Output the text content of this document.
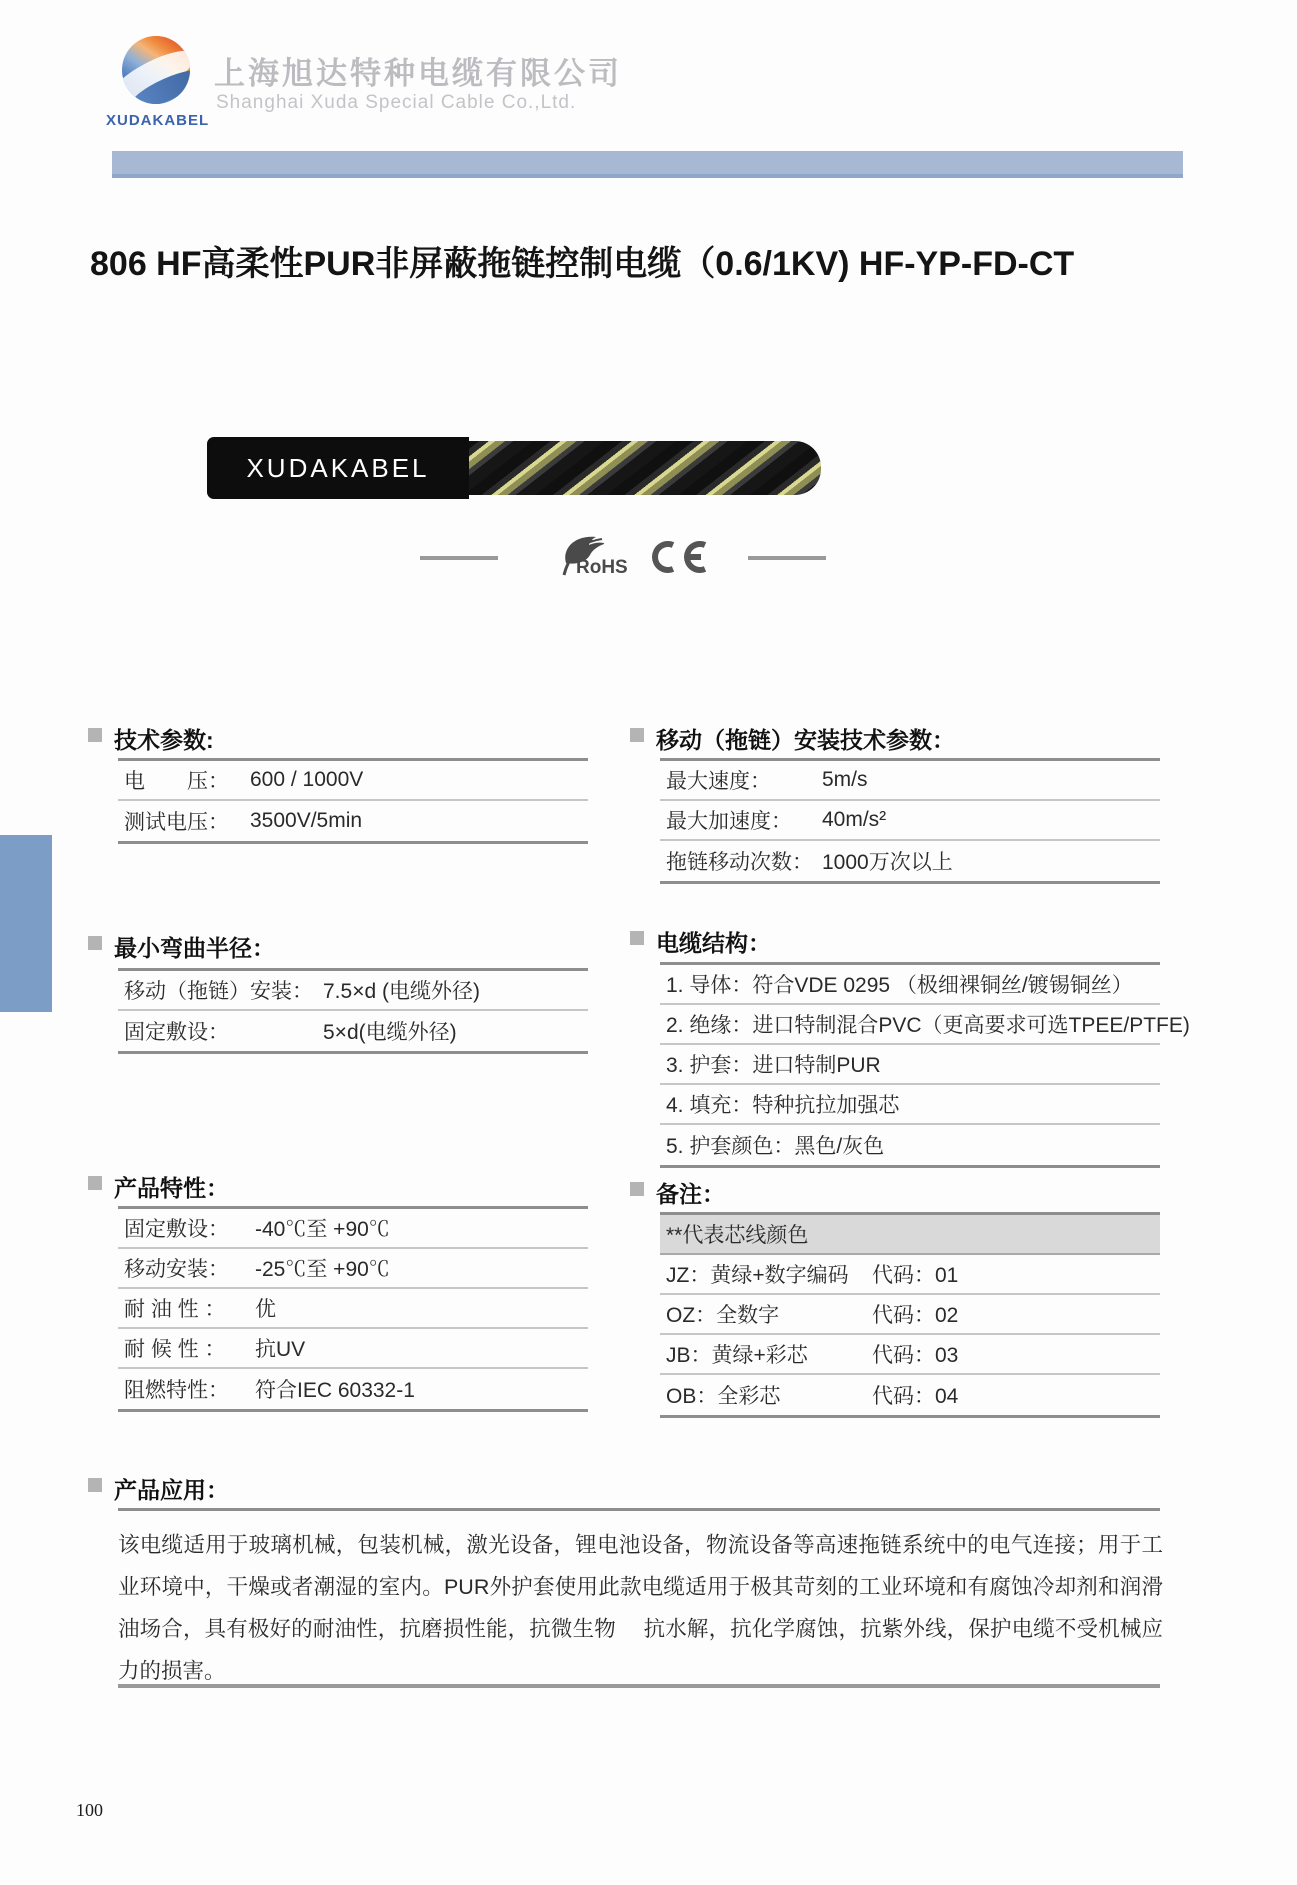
XUDAKABEL
上海旭达特种电缆有限公司
Shanghai Xuda Special Cable Co.,Ltd.
806 HF高柔性PUR非屏蔽拖链控制电缆（0.6/1KV) HF-YP-FD-CT
XUDAKABEL
RoHS
技术参数:
电　　压： 600 / 1000V
测试电压： 3500V/5min
移动（拖链）安装技术参数：
最大速度： 5m/s
最大加速度： 40m/s²
拖链移动次数： 1000万次以上
最小弯曲半径：
移动（拖链）安装： 7.5×d (电缆外径)
固定敷设：	5×d(电缆外径)
电缆结构：
1. 导体：符合VDE 0295 （极细裸铜丝/镀锡铜丝）
2. 绝缘：进口特制混合PVC（更高要求可选TPEE/PTFE)
3. 护套：进口特制PUR
4. 填充：特种抗拉加强芯
5. 护套颜色：黑色/灰色
产品特性：
固定敷设： -40℃至 +90℃
移动安装： -25℃至 +90℃
耐 油 性 ： 优
耐 候 性 ： 抗UV
阻燃特性： 符合IEC 60332-1
备注：
**代表芯线颜色
JZ：黄绿+数字编码 代码：01
OZ：全数字	代码：02
JB：黄绿+彩芯	代码：03
OB：全彩芯	代码：04
产品应用：
该电缆适用于玻璃机械，包装机械，激光设备，锂电池设备，物流设备等高速拖链系统中的电气连接；用于工业环境中，干燥或者潮湿的室内。PUR外护套使用此款电缆适用于极其苛刻的工业环境和有腐蚀冷却剂和润滑油场合，具有极好的耐油性，抗磨损性能，抗微生物　 抗水解，抗化学腐蚀，抗紫外线，保护电缆不受机械应力的损害。
100
